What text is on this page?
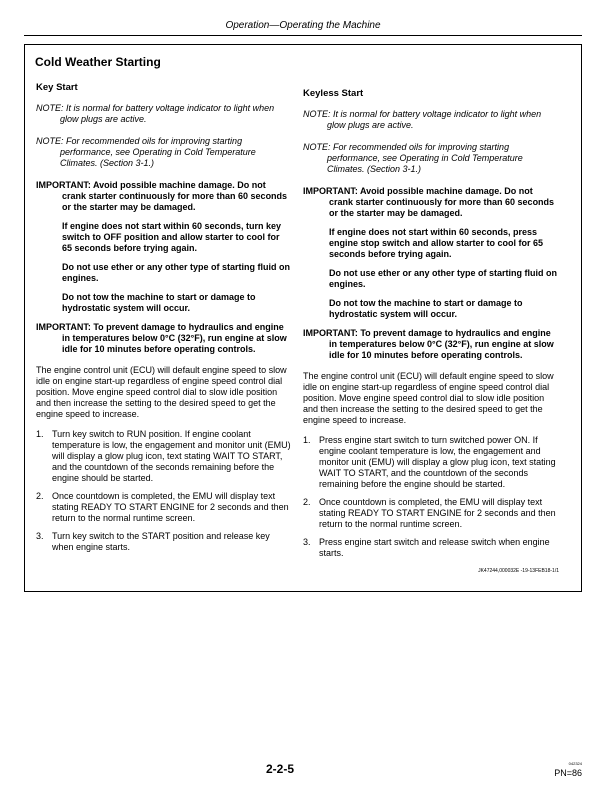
Operation—Operating the Machine
Cold Weather Starting

Key Start

NOTE: It is normal for battery voltage indicator to light when glow plugs are active.

NOTE: For recommended oils for improving starting performance, see Operating in Cold Temperature Climates. (Section 3-1.)

IMPORTANT: Avoid possible machine damage. Do not crank starter continuously for more than 60 seconds or the starter may be damaged.

If engine does not start within 60 seconds, turn key switch to OFF position and allow starter to cool for 65 seconds before trying again.

Do not use ether or any other type of starting fluid on engines.

Do not tow the machine to start or damage to hydrostatic system will occur.

IMPORTANT: To prevent damage to hydraulics and engine in temperatures below 0°C (32°F), run engine at slow idle for 10 minutes before operating controls.

The engine control unit (ECU) will default engine speed to slow idle on engine start-up regardless of engine speed control dial position. Move engine speed control dial to slow idle position and then increase the setting to the desired speed to get the engine speed to increase.

1. Turn key switch to RUN position. If engine coolant temperature is low, the engagement and monitor unit (EMU) will display a glow plug icon, text stating WAIT TO START, and the countdown of the seconds remaining before the engine should be started.
2. Once countdown is completed, the EMU will display text stating READY TO START ENGINE for 2 seconds and then return to the normal runtime screen.
3. Turn key switch to the START position and release key when engine starts.

Keyless Start

NOTE: It is normal for battery voltage indicator to light when glow plugs are active.

NOTE: For recommended oils for improving starting performance, see Operating in Cold Temperature Climates. (Section 3-1.)

IMPORTANT: Avoid possible machine damage. Do not crank starter continuously for more than 60 seconds or the starter may be damaged.

If engine does not start within 60 seconds, press engine stop switch and allow starter to cool for 65 seconds before trying again.

Do not use ether or any other type of starting fluid on engines.

Do not tow the machine to start or damage to hydrostatic system will occur.

IMPORTANT: To prevent damage to hydraulics and engine in temperatures below 0°C (32°F), run engine at slow idle for 10 minutes before operating controls.

The engine control unit (ECU) will default engine speed to slow idle on engine start-up regardless of engine speed control dial position. Move engine speed control dial to slow idle position and then increase the setting to the desired speed to get the engine speed to increase.

1. Press engine start switch to turn switched power ON. If engine coolant temperature is low, the engagement and monitor unit (EMU) will display a glow plug icon, text stating WAIT TO START, and the countdown of the seconds remaining before the engine should be started.
2. Once countdown is completed, the EMU will display text stating READY TO START ENGINE for 2 seconds and then return to the normal runtime screen.
3. Press engine start switch and release switch when engine starts.
JK47244,000032E -19-13FEB18-1/1
2-2-5	042324
PN=86
